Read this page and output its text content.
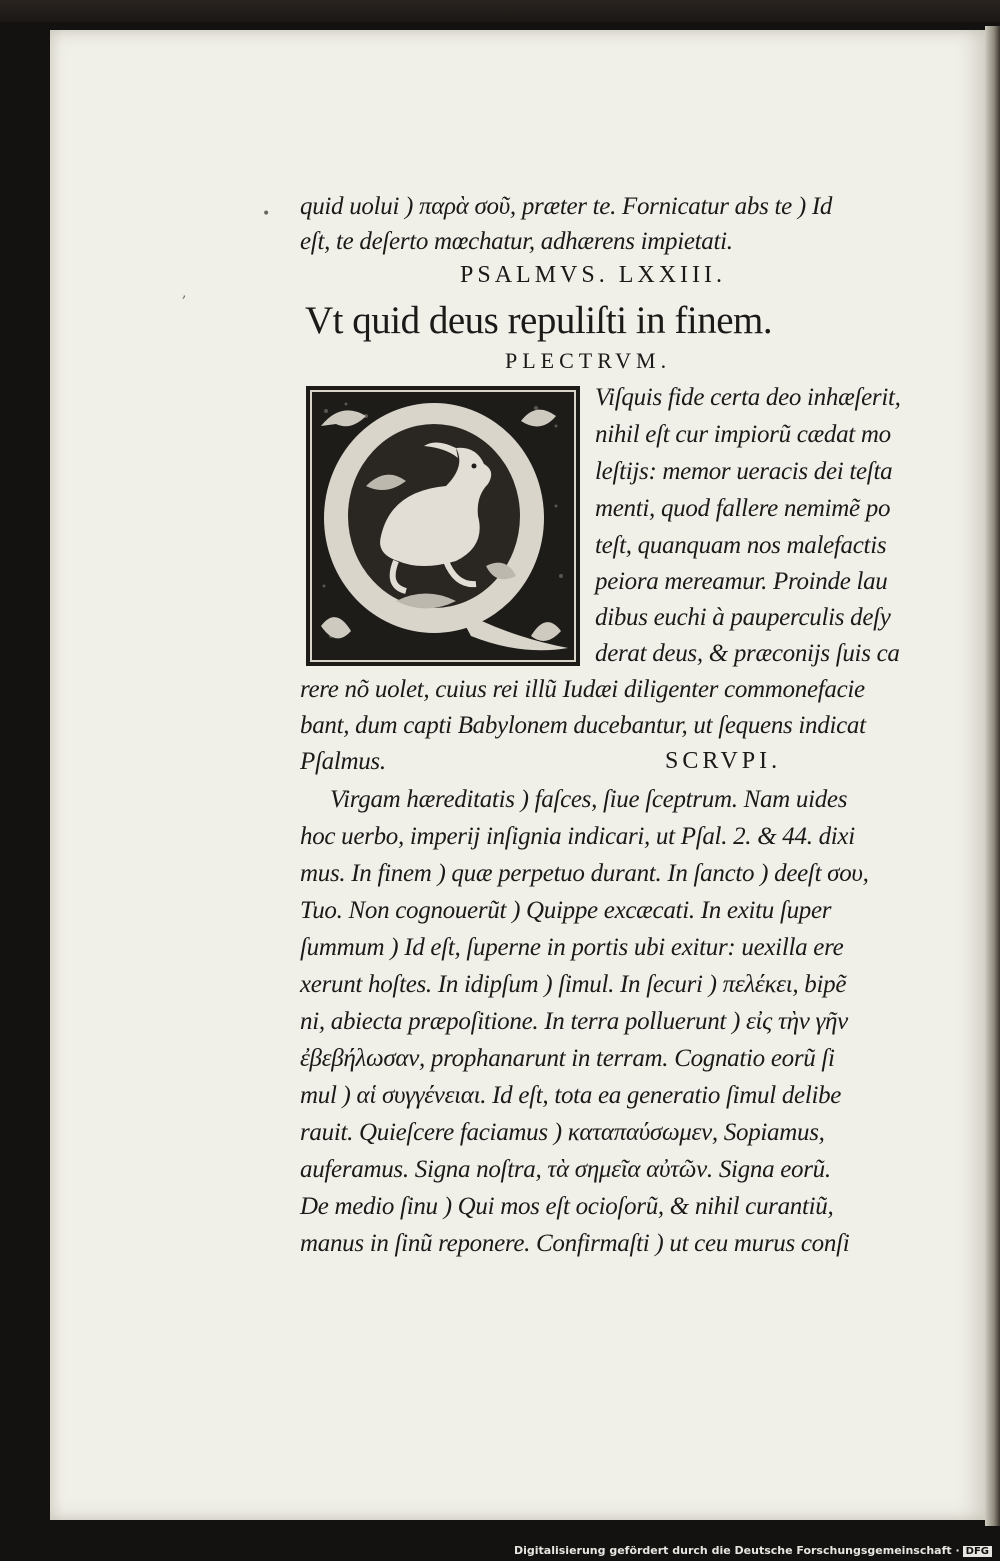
•
,
quid uolui ) παρὰ σοῦ, præter te. Fornicatur abs te ) Id
eſt, te deſerto mœchatur, adhærens impietati.
PSALMVS. LXXIII.
Vt quid deus repuliſti in finem.
PLECTRVM.
Viſquis fide certa deo inhæſerit,
nihil eſt cur impiorũ cædat mo
leſtijs: memor ueracis dei teſta
menti, quod fallere nemimẽ po
teſt, quanquam nos malefactis
peiora mereamur. Proinde lau
dibus euchi à pauperculis deſy
derat deus, & præconijs ſuis ca
rere nõ uolet, cuius rei illũ Iudæi diligenter commonefacie
bant, dum capti Babylonem ducebantur, ut ſequens indicat
Pſalmus.	SCRVPI.
Virgam hæreditatis ) faſces, ſiue ſceptrum. Nam uides
hoc uerbo, imperij inſignia indicari, ut Pſal. 2. & 44. dixi
mus. In finem ) quæ perpetuo durant. In ſancto ) deeſt σου,
Tuo. Non cognouerũt ) Quippe excæcati. In exitu ſuper
ſummum ) Id eſt, ſuperne in portis ubi exitur: uexilla ere
xerunt hoſtes. In idipſum ) ſimul. In ſecuri ) πελέκει, bipẽ
ni, abiecta præpoſitione. In terra polluerunt ) εἰς τὴν γῆν
ἐβεβήλωσαν, prophanarunt in terram. Cognatio eorũ ſi
mul ) αἱ συγγένειαι. Id eſt, tota ea generatio ſimul delibe
rauit. Quieſcere faciamus ) καταπαύσωμεν, Sopiamus,
auferamus. Signa noſtra, τὰ σημεῖα αὐτῶν. Signa eorũ.
De medio ſinu ) Qui mos eſt ocioſorũ, & nihil curantiũ,
manus in ſinũ reponere. Confirmaſti ) ut ceu murus conſi
Digitalisierung gefördert durch die Deutsche Forschungsgemeinschaft · DFG
